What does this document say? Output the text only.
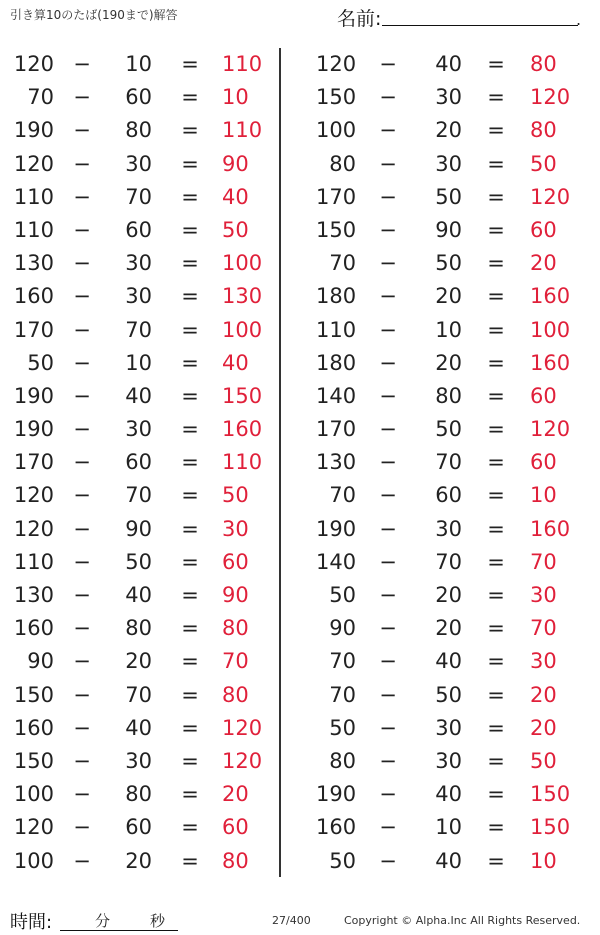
引き算10のたば(190まで)解答	名前:	.
120 −	10 = 110
70 −	60 = 10
190 −	80 = 110
120 −	30 = 90
110 −	70 = 40
110 −	60 = 50
130 −	30 = 100
160 −	30 = 130
170 −	70 = 100
50 −	10 = 40
190 −	40 = 150
190 −	30 = 160
170 −	60 = 110
120 −	70 = 50
120 −	90 = 30
110 −	50 = 60
130 −	40 = 90
160 −	80 = 80
90 −	20 = 70
150 −	70 = 80
160 −	40 = 120
150 −	30 = 120
100 −	80 = 20
120 −	60 = 60
100 −	20 = 80
120 −	40 = 80
150 −	30 = 120
100 −	20 = 80
80 −	30 = 50
170 −	50 = 120
150 −	90 = 60
70 −	50 = 20
180 −	20 = 160
110 −	10 = 100
180 −	20 = 160
140 −	80 = 60
170 −	50 = 120
130 −	70 = 60
70 −	60 = 10
190 −	30 = 160
140 −	70 = 70
50 −	20 = 30
90 −	20 = 70
70 −	40 = 30
70 −	50 = 20
50 −	30 = 20
80 −	30 = 50
190 −	40 = 150
160 −	10 = 150
50 −	40 = 10
時間:	分	秒	27/400	Copyright © Alpha.Inc All Rights Reserved.
